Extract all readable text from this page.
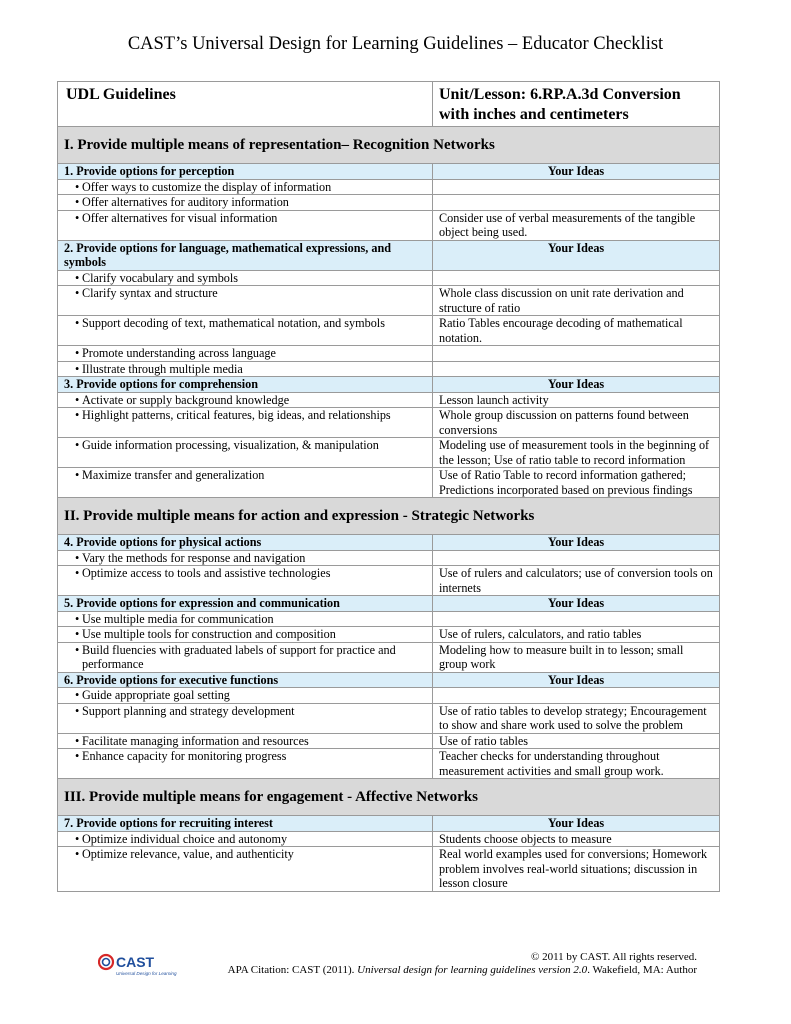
CAST’s Universal Design for Learning Guidelines – Educator Checklist
UDL Guidelines	Unit/Lesson: 6.RP.A.3d Conversion with inches and centimeters
I. Provide multiple means of representation– Recognition Networks	
1. Provide options for perception	Your Ideas

• Offer ways to customize the display of information	

• Offer alternatives for auditory information	

• Offer alternatives for visual information	Consider use of verbal measurements of the tangible object being used.
2. Provide options for language, mathematical expressions, and symbols	Your Ideas

• Clarify vocabulary and symbols	

• Clarify syntax and structure	Whole class discussion on unit rate derivation and structure of ratio

• Support decoding of text, mathematical notation, and symbols	Ratio Tables encourage decoding of mathematical notation.

• Promote understanding across language	

• Illustrate through multiple media	
3. Provide options for comprehension	Your Ideas

• Activate or supply background knowledge	Lesson launch activity

• Highlight patterns, critical features, big ideas, and relationships	Whole group discussion on patterns found between conversions

• Guide information processing, visualization, & manipulation	Modeling use of measurement tools in the beginning of the lesson; Use of ratio table to record information

• Maximize transfer and generalization	Use of Ratio Table to record information gathered; Predictions incorporated based on previous findings
II. Provide multiple means for action and expression - Strategic Networks	
4. Provide options for physical actions	Your Ideas

• Vary the methods for response and navigation	

• Optimize access to tools and assistive technologies	Use of rulers and calculators; use of conversion tools on internets
5. Provide options for expression and communication	Your Ideas

• Use multiple media for communication	

• Use multiple tools for construction and composition	Use of rulers, calculators, and ratio tables

• Build fluencies with graduated labels of support for practice and performance	Modeling how to measure built in to lesson; small group work
6. Provide options for executive functions	Your Ideas

• Guide appropriate goal setting	

• Support planning and strategy development	Use of ratio tables to develop strategy; Encouragement to show and share work used to solve the problem

• Facilitate managing information and resources	Use of ratio tables

• Enhance capacity for monitoring progress	Teacher checks for understanding throughout measurement activities and small group work.
III. Provide multiple means for engagement - Affective Networks	
7. Provide options for recruiting interest	Your Ideas

• Optimize individual choice and autonomy	Students choose objects to measure

• Optimize relevance, value, and authenticity	Real world examples used for conversions; Homework problem involves real-world situations; discussion in lesson closure
CAST
Universal Design for Learning
© 2011 by CAST. All rights reserved.
APA Citation: CAST (2011). Universal design for learning guidelines version 2.0. Wakefield, MA: Author
